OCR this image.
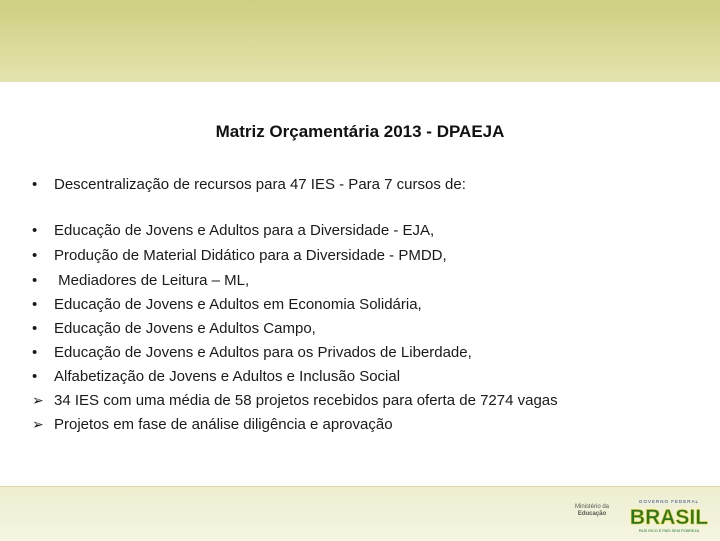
Matriz Orçamentária 2013 - DPAEJA
• Descentralização de recursos para 47 IES - Para 7 cursos de:
• Educação de Jovens e Adultos para a Diversidade - EJA,
• Produção de Material Didático para a Diversidade - PMDD,
• Mediadores de Leitura – ML,
• Educação de Jovens e Adultos em Economia Solidária,
• Educação de Jovens e Adultos Campo,
• Educação de Jovens e Adultos para os Privados de Liberdade,
• Alfabetização de Jovens e Adultos e Inclusão Social
➢ 34 IES com uma média de 58 projetos recebidos para oferta de 7274 vagas
➢ Projetos em fase de análise diligência e aprovação
Ministério da
Educação
GOVERNO FEDERAL
BRASIL
PAÍS RICO É PAÍS SEM POBREZA
